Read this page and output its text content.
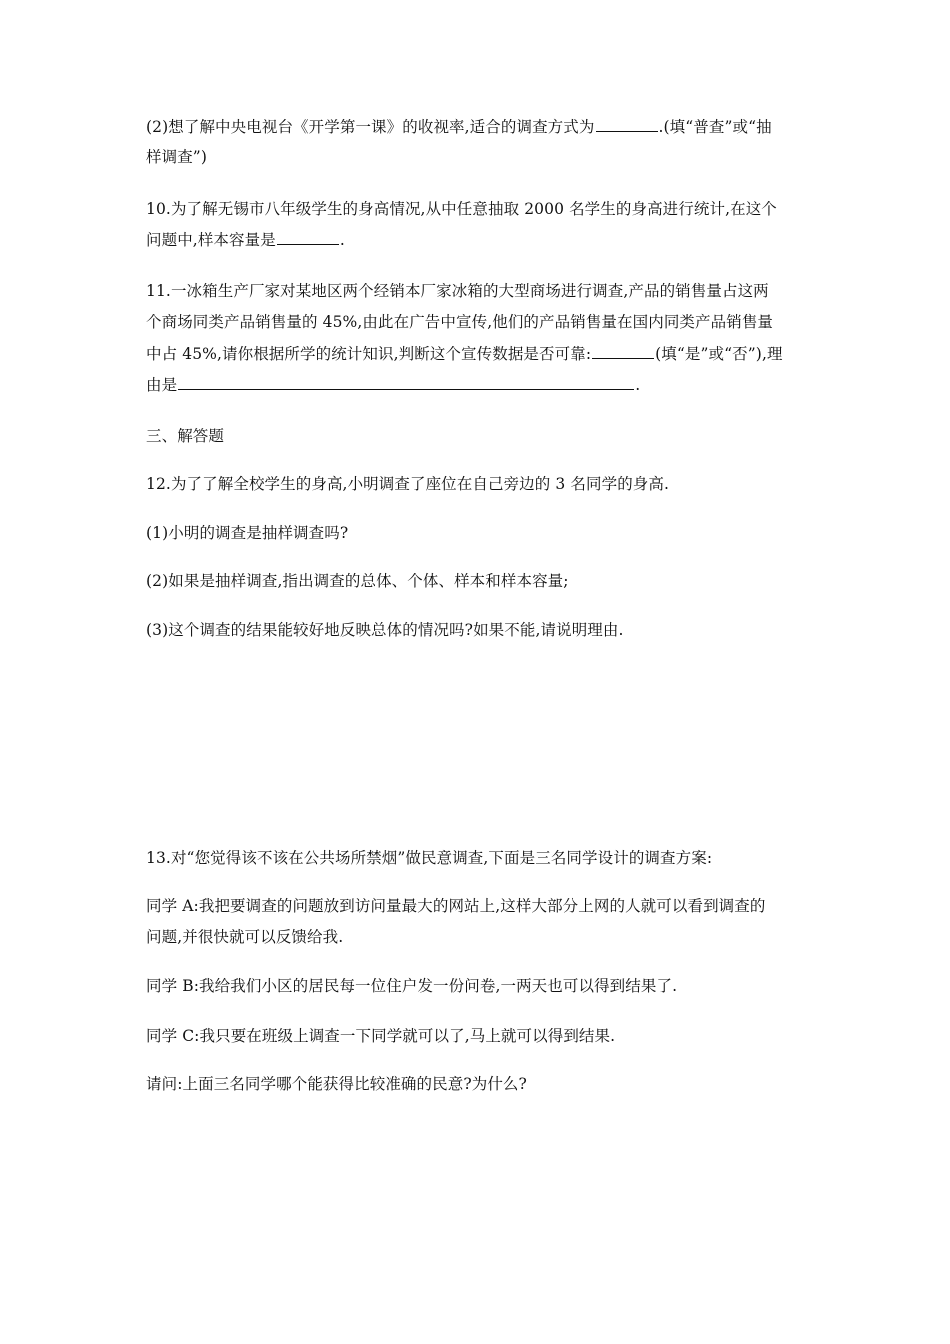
(2)想了解中央电视台《开学第一课》的收视率,适合的调查方式为	.(填“普查”或“抽
样调查”)
10.为了解无锡市八年级学生的身高情况,从中任意抽取 2000 名学生的身高进行统计,在这个
问题中,样本容量是	.
11.一冰箱生产厂家对某地区两个经销本厂家冰箱的大型商场进行调查,产品的销售量占这两
个商场同类产品销售量的 45%,由此在广告中宣传,他们的产品销售量在国内同类产品销售量
中占 45%,请你根据所学的统计知识,判断这个宣传数据是否可靠:	(填“是”或“否”),理
由是	.
三、解答题
12.为了了解全校学生的身高,小明调查了座位在自己旁边的 3 名同学的身高.
(1)小明的调查是抽样调查吗?
(2)如果是抽样调查,指出调查的总体、个体、样本和样本容量;
(3)这个调查的结果能较好地反映总体的情况吗?如果不能,请说明理由.
13.对“您觉得该不该在公共场所禁烟”做民意调查,下面是三名同学设计的调查方案:
同学 A:我把要调查的问题放到访问量最大的网站上,这样大部分上网的人就可以看到调查的
问题,并很快就可以反馈给我.
同学 B:我给我们小区的居民每一位住户发一份问卷,一两天也可以得到结果了.
同学 C:我只要在班级上调查一下同学就可以了,马上就可以得到结果.
请问:上面三名同学哪个能获得比较准确的民意?为什么?
